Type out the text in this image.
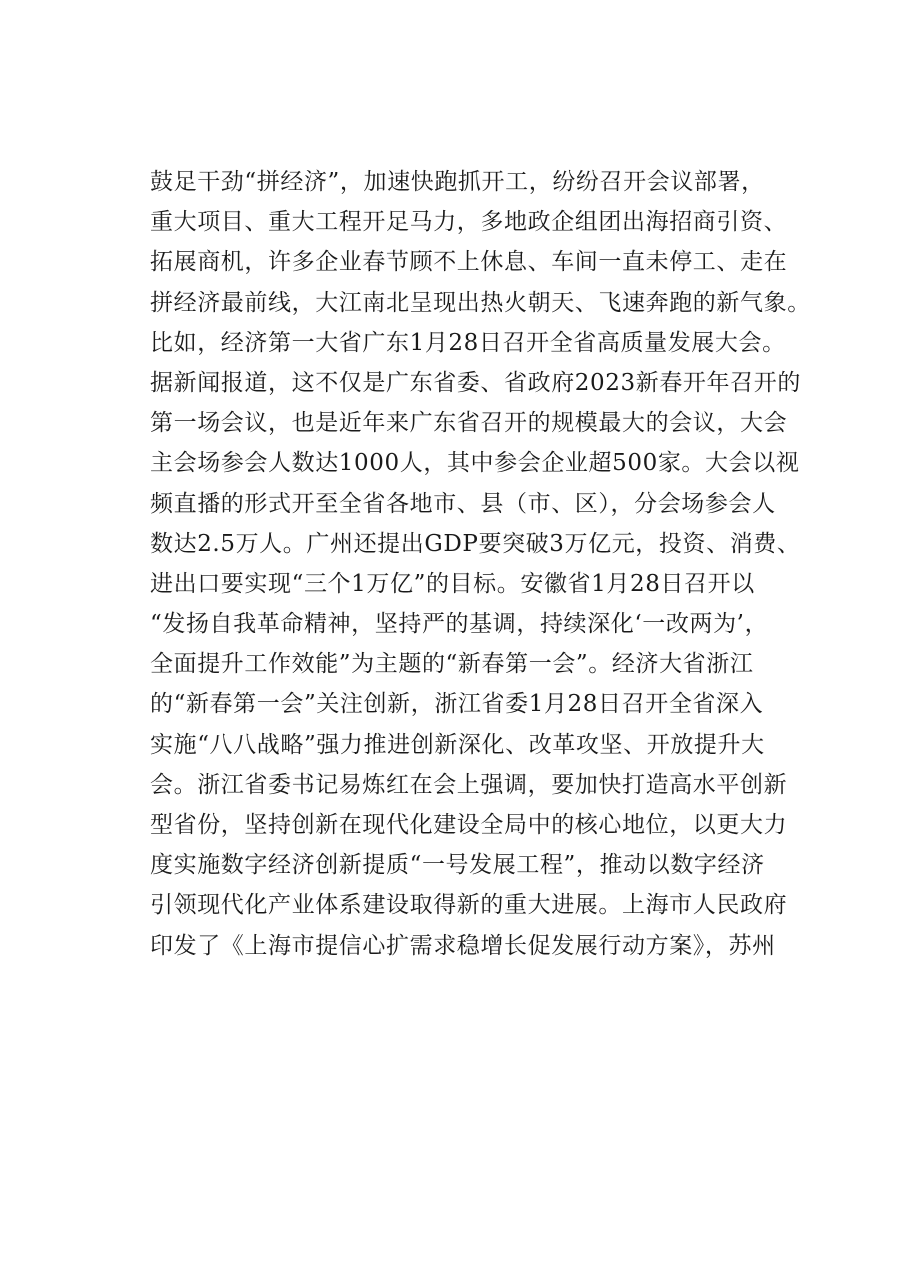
鼓足干劲“拼经济”，加速快跑抓开工，纷纷召开会议部署，
重大项目、重大工程开足马力，多地政企组团出海招商引资、
拓展商机，许多企业春节顾不上休息、车间一直未停工、走在
拼经济最前线，大江南北呈现出热火朝天、飞速奔跑的新气象。
比如，经济第一大省广东1月28日召开全省高质量发展大会。
据新闻报道，这不仅是广东省委、省政府2023新春开年召开的
第一场会议，也是近年来广东省召开的规模最大的会议，大会
主会场参会人数达1000人，其中参会企业超500家。大会以视
频直播的形式开至全省各地市、县（市、区），分会场参会人
数达2.5万人。广州还提出GDP要突破3万亿元，投资、消费、
进出口要实现“三个1万亿”的目标。安徽省1月28日召开以
“发扬自我革命精神，坚持严的基调，持续深化‘一改两为’，
全面提升工作效能”为主题的“新春第一会”。经济大省浙江
的“新春第一会”关注创新，浙江省委1月28日召开全省深入
实施“八八战略”强力推进创新深化、改革攻坚、开放提升大
会。浙江省委书记易炼红在会上强调，要加快打造高水平创新
型省份，坚持创新在现代化建设全局中的核心地位，以更大力
度实施数字经济创新提质“一号发展工程”，推动以数字经济
引领现代化产业体系建设取得新的重大进展。上海市人民政府
印发了《上海市提信心扩需求稳增长促发展行动方案》，苏州
